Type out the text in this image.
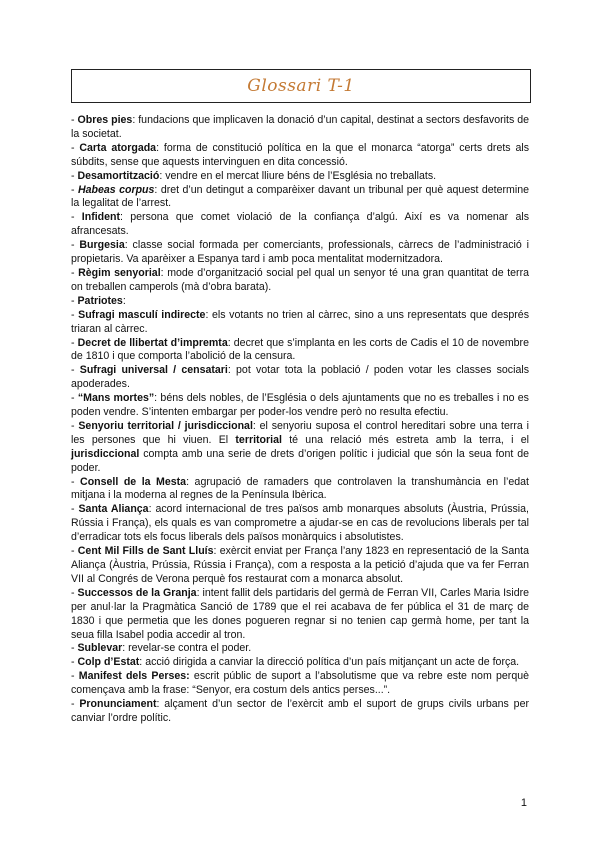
Glossari T-1

- Obres pies: fundacions que implicaven la donació d’un capital, destinat a sectors desfavorits de la societat.

- Carta atorgada: forma de constitució política en la que el monarca “atorga” certs drets als súbdits, sense que aquests intervinguen en dita concessió.

- Desamortització: vendre en el mercat lliure béns de l’Església no treballats.

- Habeas corpus: dret d’un detingut a comparèixer davant un tribunal per què aquest determine la legalitat de l’arrest.

- Infident: persona que comet violació de la confiança d’algú. Així es va nomenar als afrancesats.

- Burgesia: classe social formada per comerciants, professionals, càrrecs de l’administració i propietaris. Va aparèixer a Espanya tard i amb poca mentalitat modernitzadora.

- Règim senyorial: mode d’organització social pel qual un senyor té una gran quantitat de terra on treballen camperols (mà d’obra barata).

- Patriotes:

- Sufragi masculí indirecte: els votants no trien al càrrec, sino a uns representats que després triaran al càrrec.

- Decret de llibertat d’impremta: decret que s’implanta en les corts de Cadis el 10 de novembre de 1810 i que comporta l’abolició de la censura.

- Sufragi universal / censatari: pot votar tota la població / poden votar les classes socials apoderades.

- “Mans mortes”: béns dels nobles, de l’Església o dels ajuntaments que no es treballes i no es poden vendre. S’intenten embargar per poder-los vendre però no resulta efectiu.

- Senyoriu territorial / jurisdiccional: el senyoriu suposa el control hereditari sobre una terra i les persones que hi viuen. El territorial té una relació més estreta amb la terra, i el jurisdiccional compta amb una serie de drets d’origen polític i judicial que són la seua font de poder.

- Consell de la Mesta: agrupació de ramaders que controlaven la transhumància en l’edat mitjana i la moderna al regnes de la Península Ibèrica.

- Santa Aliança: acord internacional de tres països amb monarques absoluts (Àustria, Prússia, Rússia i França), els quals es van comprometre a ajudar-se en cas de revolucions liberals per tal d’erradicar tots els focus liberals dels països monàrquics i absolutistes.

- Cent Mil Fills de Sant Lluís: exèrcit enviat per França l’any 1823 en representació de la Santa Aliança (Àustria, Prússia, Rússia i França), com a resposta a la petició d’ajuda que va fer Ferran VII al Congrés de Verona perquè fos restaurat com a monarca absolut.

- Successos de la Granja: intent fallit dels partidaris del germà de Ferran VII, Carles Maria Isidre per anul·lar la Pragmàtica Sanció de 1789 que el rei acabava de fer pública el 31 de març de 1830 i que permetia que les dones pogueren regnar si no tenien cap germà home, per tant la seua filla Isabel podia accedir al tron.

- Sublevar: revelar-se contra el poder.

- Colp d’Estat: acció dirigida a canviar la direcció política d’un país mitjançant un acte de força.

- Manifest dels Perses: escrit públic de suport a l’absolutisme que va rebre este nom perquè començava amb la frase: “Senyor, era costum dels antics perses...”.

- Pronunciament: alçament d’un sector de l’exèrcit amb el suport de grups civils urbans per canviar l’ordre polític.

1
